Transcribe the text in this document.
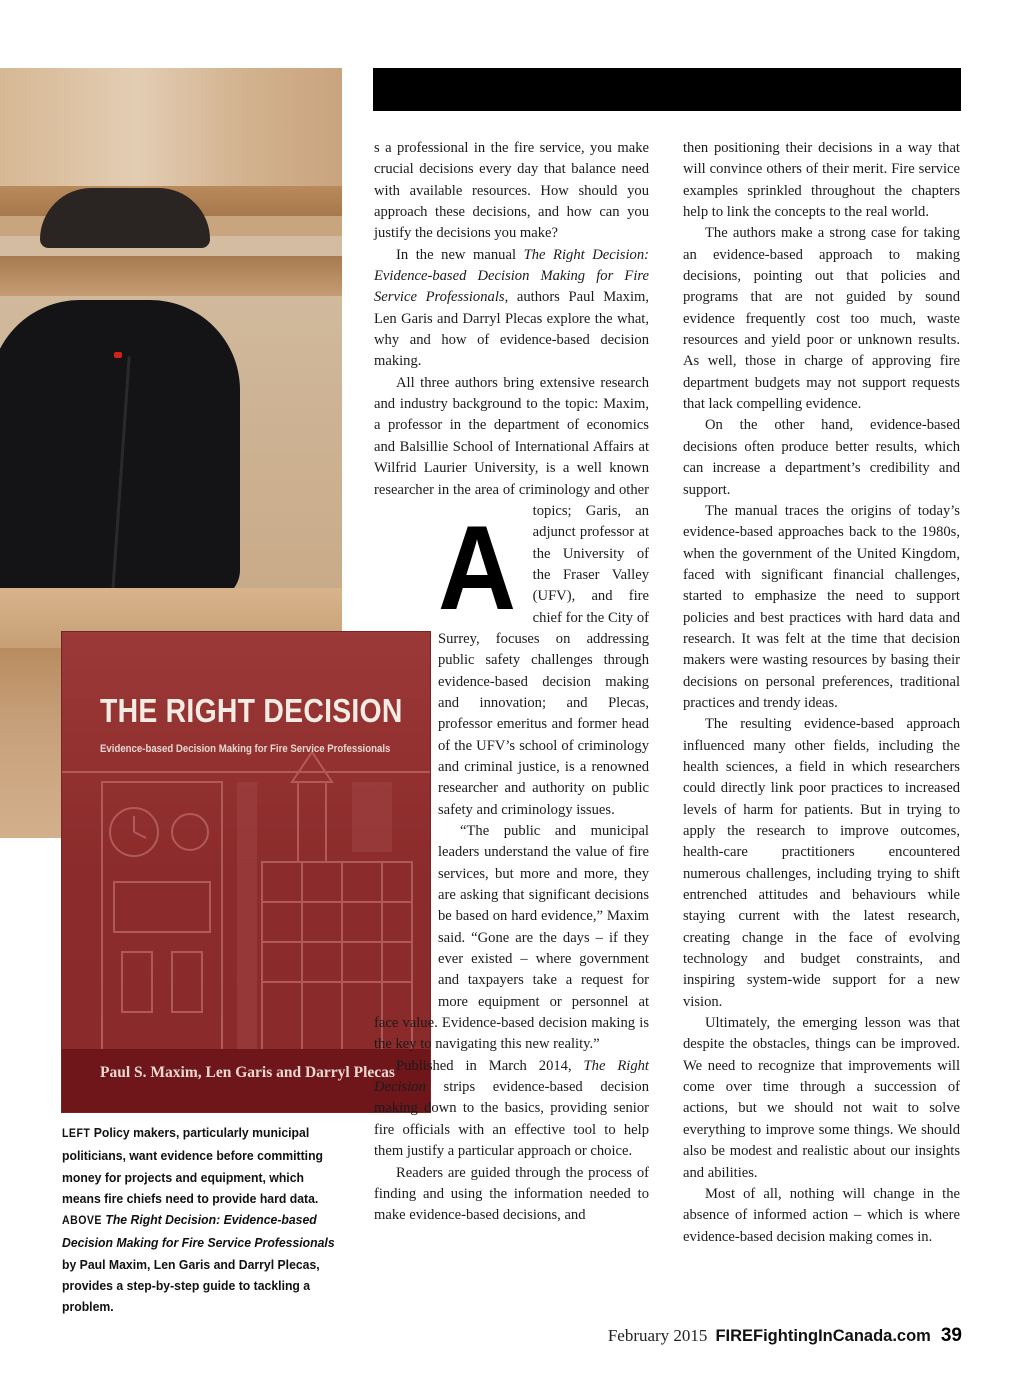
THE RIGHT DECISION
Evidence-based Decision Making for Fire Service Professionals
Paul S. Maxim, Len Garis and Darryl Plecas
A

s a professional in the fire service, you make crucial decisions every day that balance need with available resources. How should you approach these decisions, and how can you justify the decisions you make?

In the new manual The Right Decision: Evidence-based Decision Making for Fire Service Professionals, authors Paul Maxim, Len Garis and Darryl Plecas explore the what, why and how of evidence-based decision making.

All three authors bring extensive research and industry background to the topic: Maxim, a professor in the department of economics and Balsillie School of International Affairs at Wilfrid Laurier University, is a well known researcher in the area of criminology and other topics; Garis, an adjunct professor at the University of the Fraser Valley (UFV), and fire chief for the City of Surrey, focuses on addressing public safety challenges through evidence-based decision making and innovation; and Plecas, professor emeritus and former head of the UFV’s school of criminology and criminal justice, is a renowned researcher and authority on public safety and criminology issues.

“The public and municipal leaders understand the value of fire services, but more and more, they are asking that significant decisions be based on hard evidence,” Maxim said. “Gone are the days – if they ever existed – where government and taxpayers take a request for more equipment or personnel at face value. Evidence-based decision making is the key to navigating this new reality.”

Published in March 2014, The Right Decision strips evidence-based decision making down to the basics, providing senior fire officials with an effective tool to help them justify a particular approach or choice.

Readers are guided through the process of finding and using the information needed to make evidence-based decisions, and

then positioning their decisions in a way that will convince others of their merit. Fire service examples sprinkled throughout the chapters help to link the concepts to the real world.

The authors make a strong case for taking an evidence-based approach to making decisions, pointing out that policies and programs that are not guided by sound evidence frequently cost too much, waste resources and yield poor or unknown results. As well, those in charge of approving fire department budgets may not support requests that lack compelling evidence.

On the other hand, evidence-based decisions often produce better results, which can increase a department’s credibility and support.

The manual traces the origins of today’s evidence-based approaches back to the 1980s, when the government of the United Kingdom, faced with significant financial challenges, started to emphasize the need to support policies and best practices with hard data and research. It was felt at the time that decision makers were wasting resources by basing their decisions on personal preferences, traditional practices and trendy ideas.

The resulting evidence-based approach influenced many other fields, including the health sciences, a field in which researchers could directly link poor practices to increased levels of harm for patients. But in trying to apply the research to improve outcomes, health-care practitioners encountered numerous challenges, including trying to shift entrenched attitudes and behaviours while staying current with the latest research, creating change in the face of evolving technology and budget constraints, and inspiring system-wide support for a new vision.

Ultimately, the emerging lesson was that despite the obstacles, things can be improved. We need to recognize that improvements will come over time through a succession of actions, but we should not wait to solve everything to improve some things. We should also be modest and realistic about our insights and abilities.

Most of all, nothing will change in the absence of informed action – which is where evidence-based decision making comes in.

LEFT Policy makers, particularly municipal politicians, want evidence before committing money for projects and equipment, which means fire chiefs need to provide hard data. ABOVE The Right Decision: Evidence-based Decision Making for Fire Service Professionals by Paul Maxim, Len Garis and Darryl Plecas, provides a step-by-step guide to tackling a problem.
February 2015 FIREFightingInCanada.com 39
